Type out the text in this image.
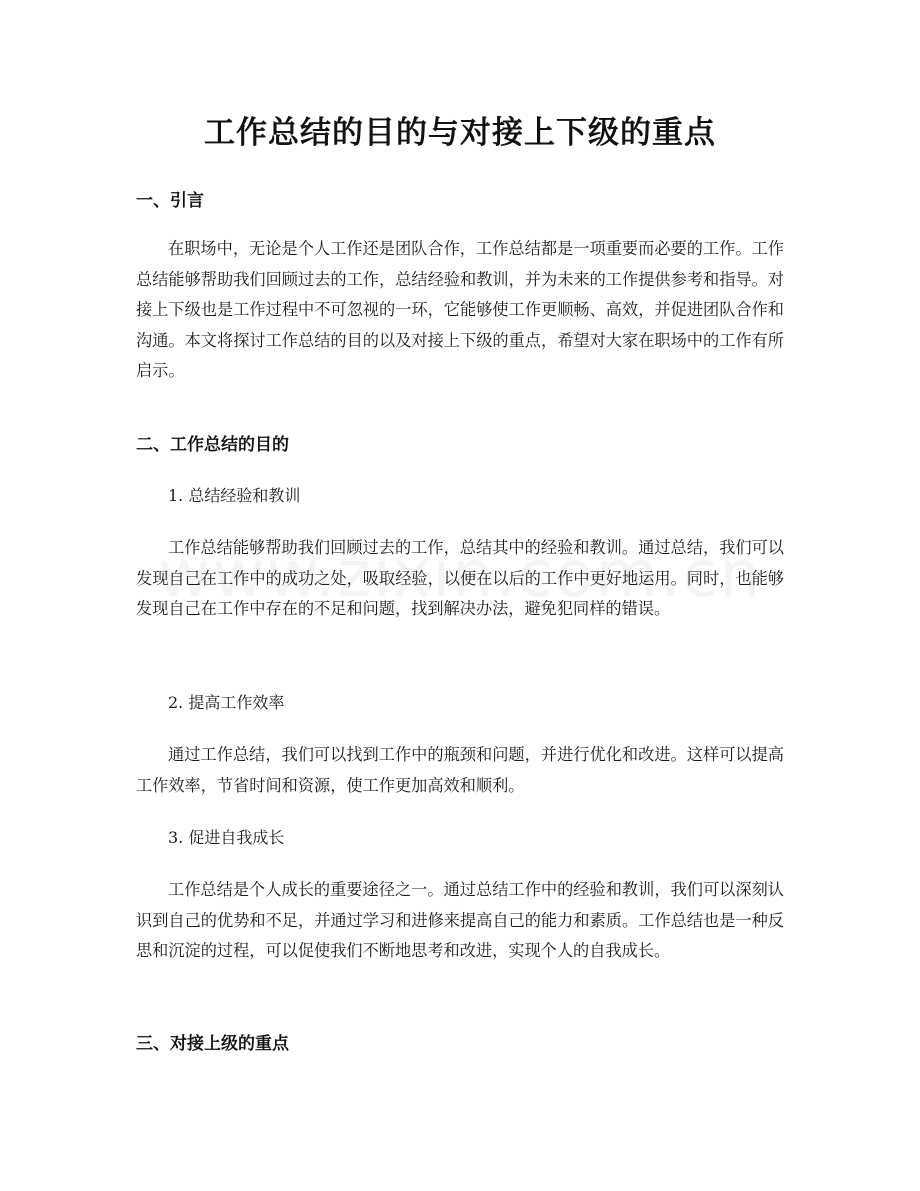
工作总结的目的与对接上下级的重点
一、引言

在职场中，无论是个人工作还是团队合作，工作总结都是一项重要而必要的工作。工作总结能够帮助我们回顾过去的工作，总结经验和教训，并为未来的工作提供参考和指导。对接上下级也是工作过程中不可忽视的一环，它能够使工作更顺畅、高效，并促进团队合作和沟通。本文将探讨工作总结的目的以及对接上下级的重点，希望对大家在职场中的工作有所启示。

二、工作总结的目的

1. 总结经验和教训

工作总结能够帮助我们回顾过去的工作，总结其中的经验和教训。通过总结，我们可以发现自己在工作中的成功之处，吸取经验，以便在以后的工作中更好地运用。同时，也能够发现自己在工作中存在的不足和问题，找到解决办法，避免犯同样的错误。

2. 提高工作效率

通过工作总结，我们可以找到工作中的瓶颈和问题，并进行优化和改进。这样可以提高工作效率，节省时间和资源，使工作更加高效和顺利。

3. 促进自我成长

工作总结是个人成长的重要途径之一。通过总结工作中的经验和教训，我们可以深刻认识到自己的优势和不足，并通过学习和进修来提高自己的能力和素质。工作总结也是一种反思和沉淀的过程，可以促使我们不断地思考和改进，实现个人的自我成长。

三、对接上级的重点
